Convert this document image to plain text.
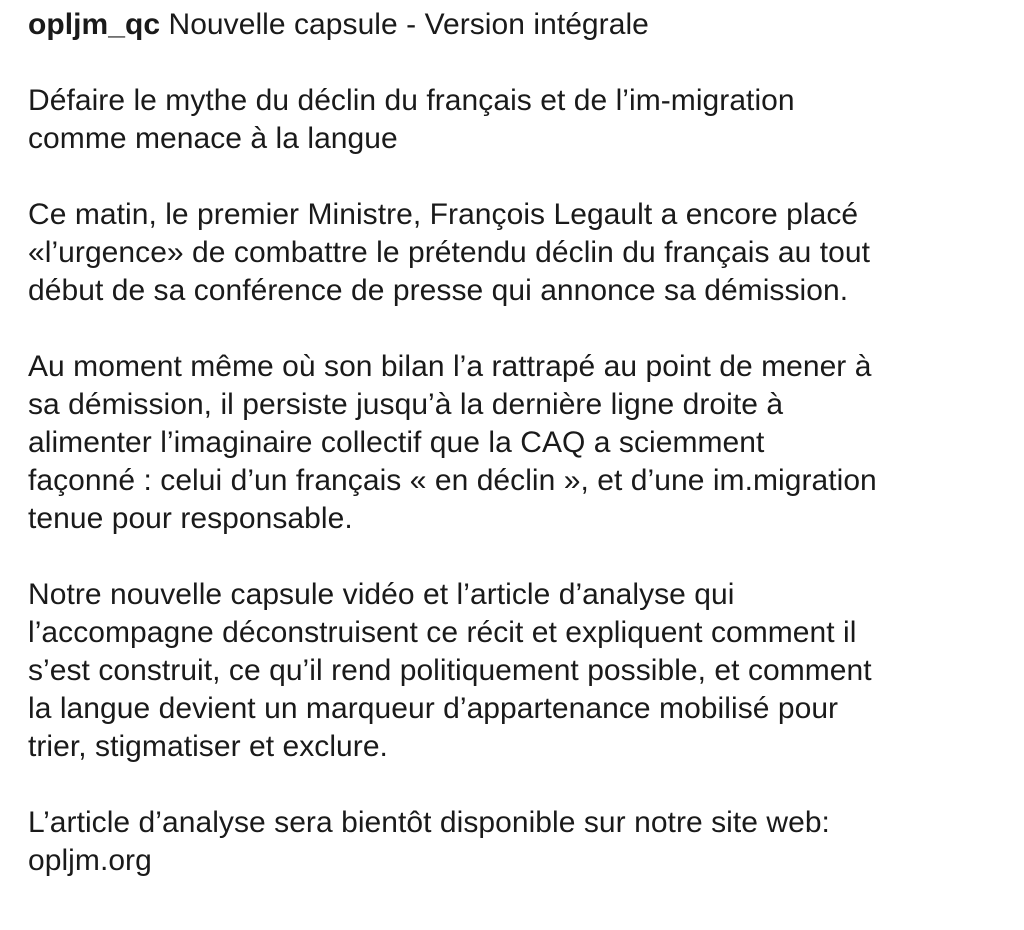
opljm_qc Nouvelle capsule - Version intégrale

Défaire le mythe du déclin du français et de l’im-migration
comme menace à la langue

Ce matin, le premier Ministre, François Legault a encore placé
«l’urgence» de combattre le prétendu déclin du français au tout
début de sa conférence de presse qui annonce sa démission.

Au moment même où son bilan l’a rattrapé au point de mener à
sa démission, il persiste jusqu’à la dernière ligne droite à
alimenter l’imaginaire collectif que la CAQ a sciemment
façonné : celui d’un français « en déclin », et d’une im.migration
tenue pour responsable.

Notre nouvelle capsule vidéo et l’article d’analyse qui
l’accompagne déconstruisent ce récit et expliquent comment il
s’est construit, ce qu’il rend politiquement possible, et comment
la langue devient un marqueur d’appartenance mobilisé pour
trier, stigmatiser et exclure.

L’article d’analyse sera bientôt disponible sur notre site web:
opljm.org
